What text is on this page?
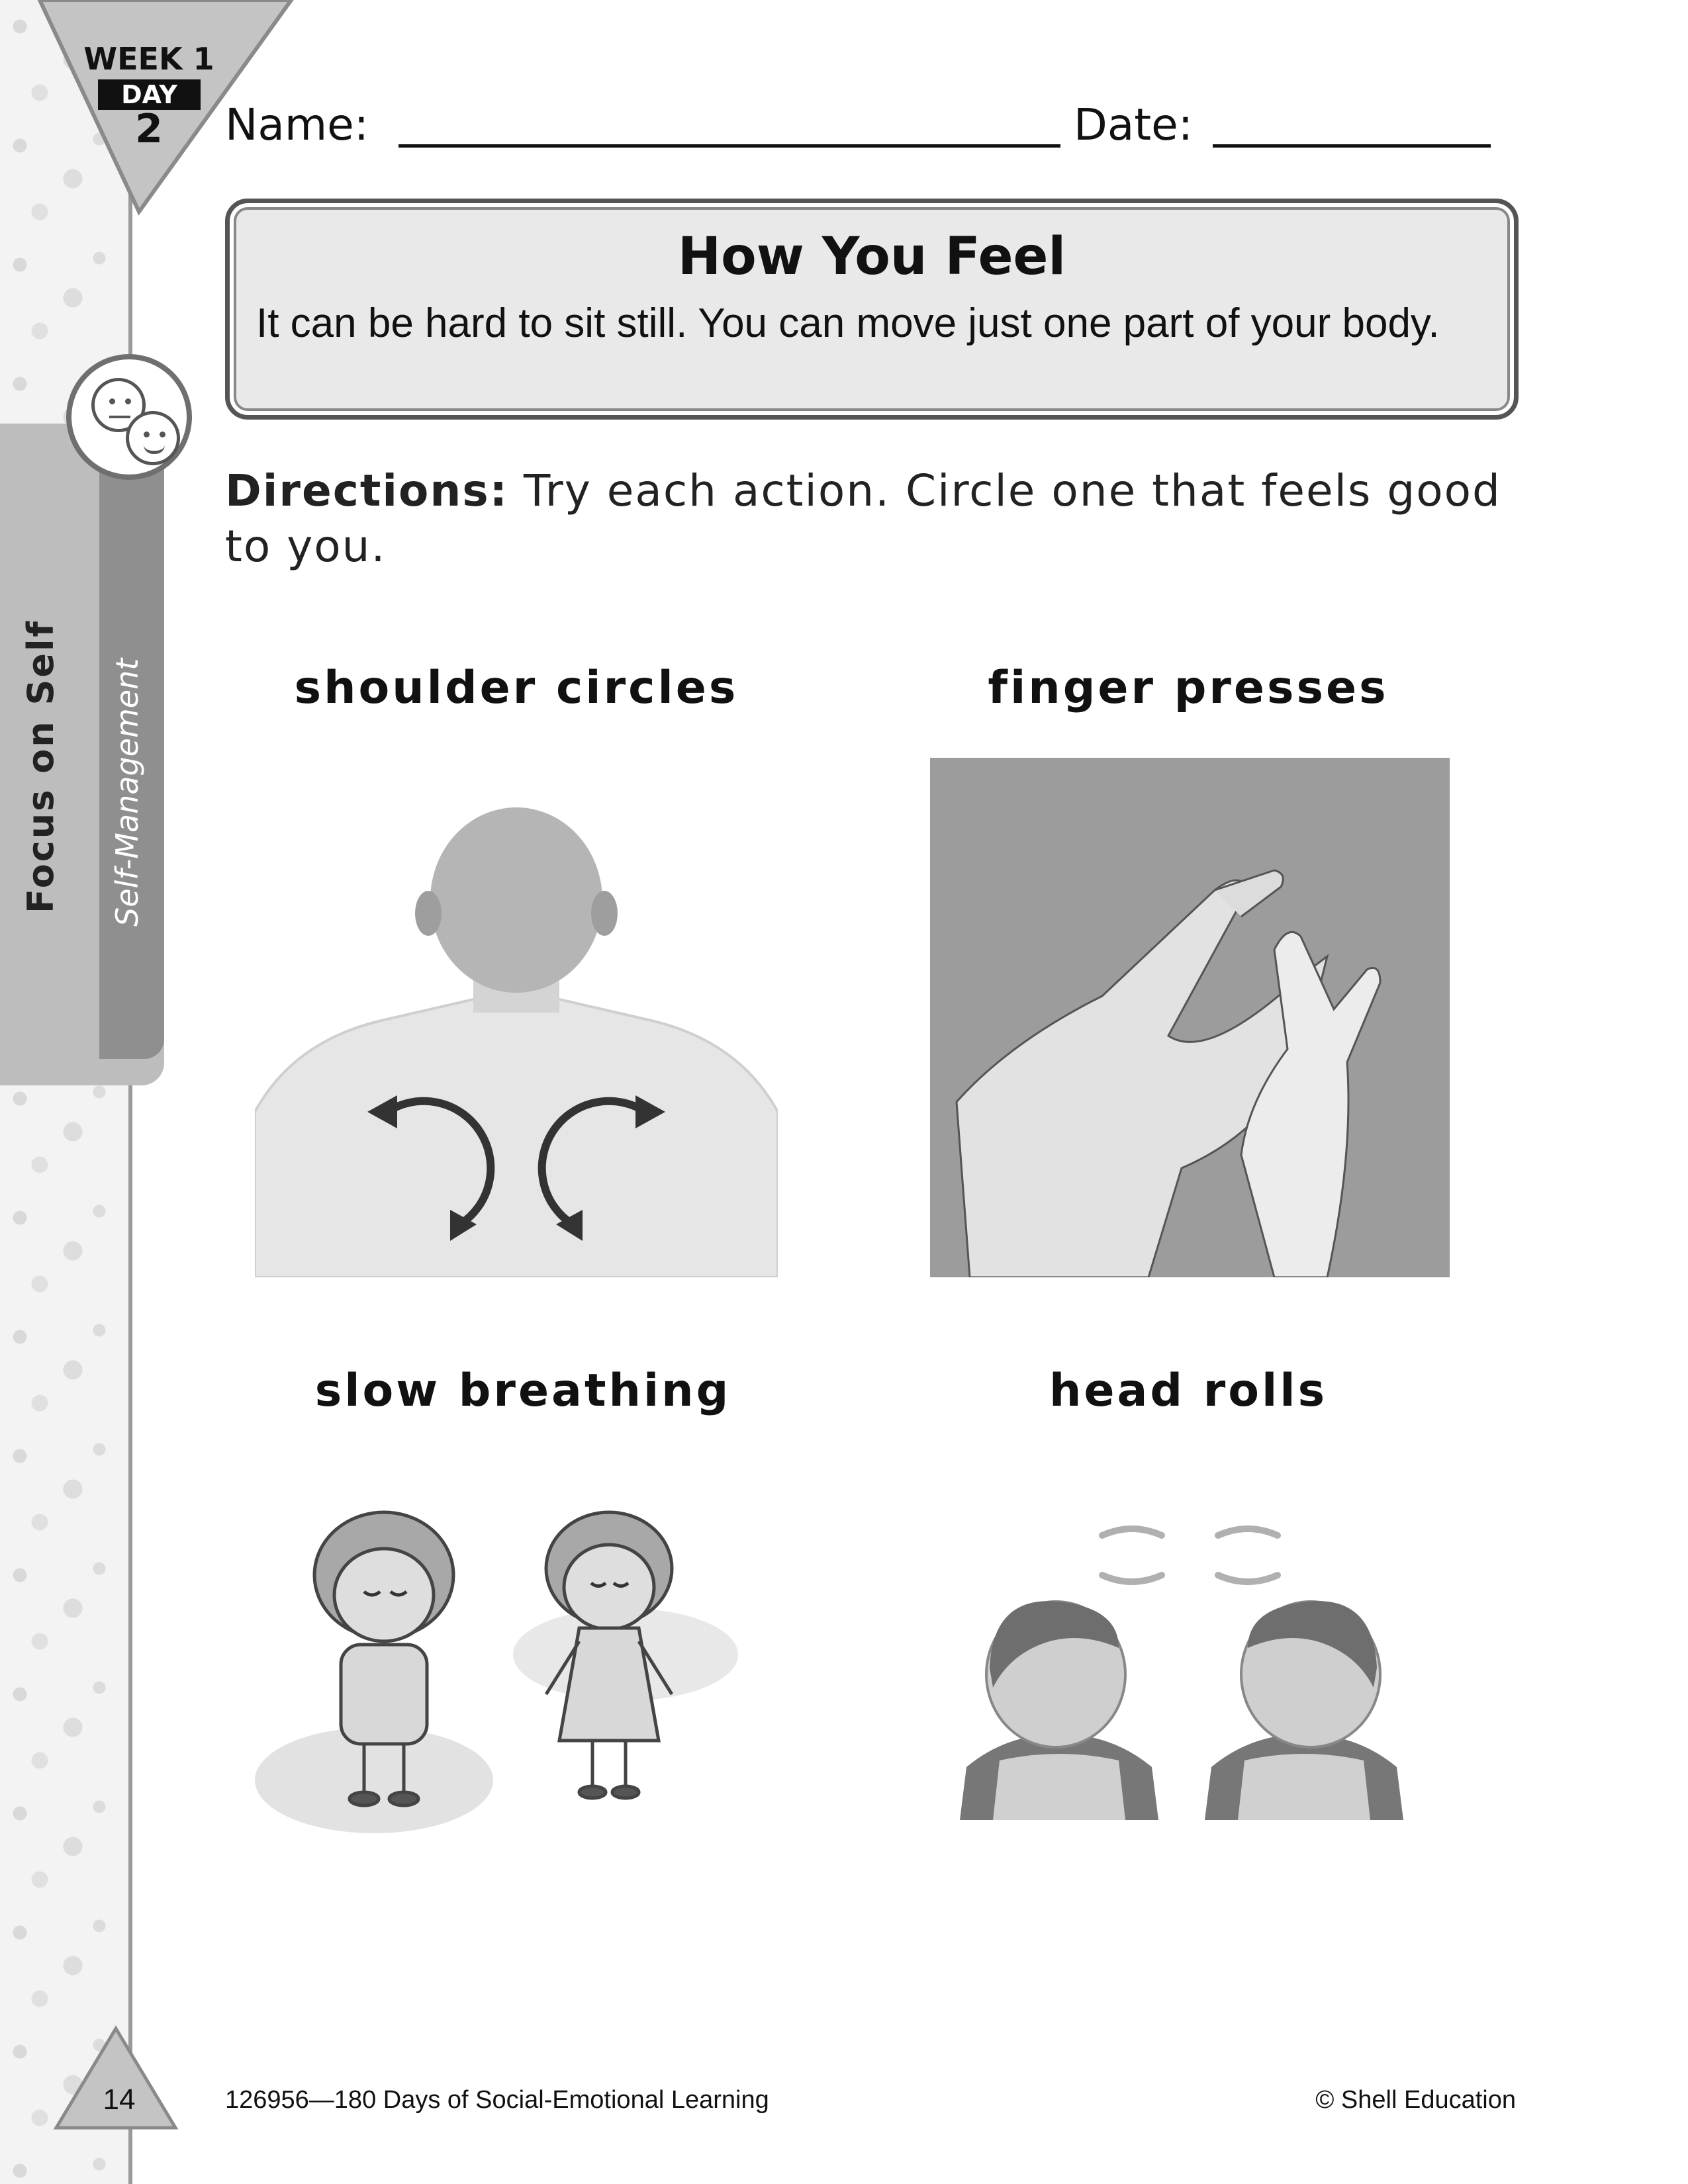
Focus on Self	Self-Management
WEEK 1
DAY
2	Name:	Date:
How You Feel
It can be hard to sit still. You can move just one part of your body.
Directions: Try each action. Circle one that feels good to you.
shoulder circles	finger presses
slow breathing	head rolls
14	126956—180 Days of Social-Emotional Learning	© Shell Education
